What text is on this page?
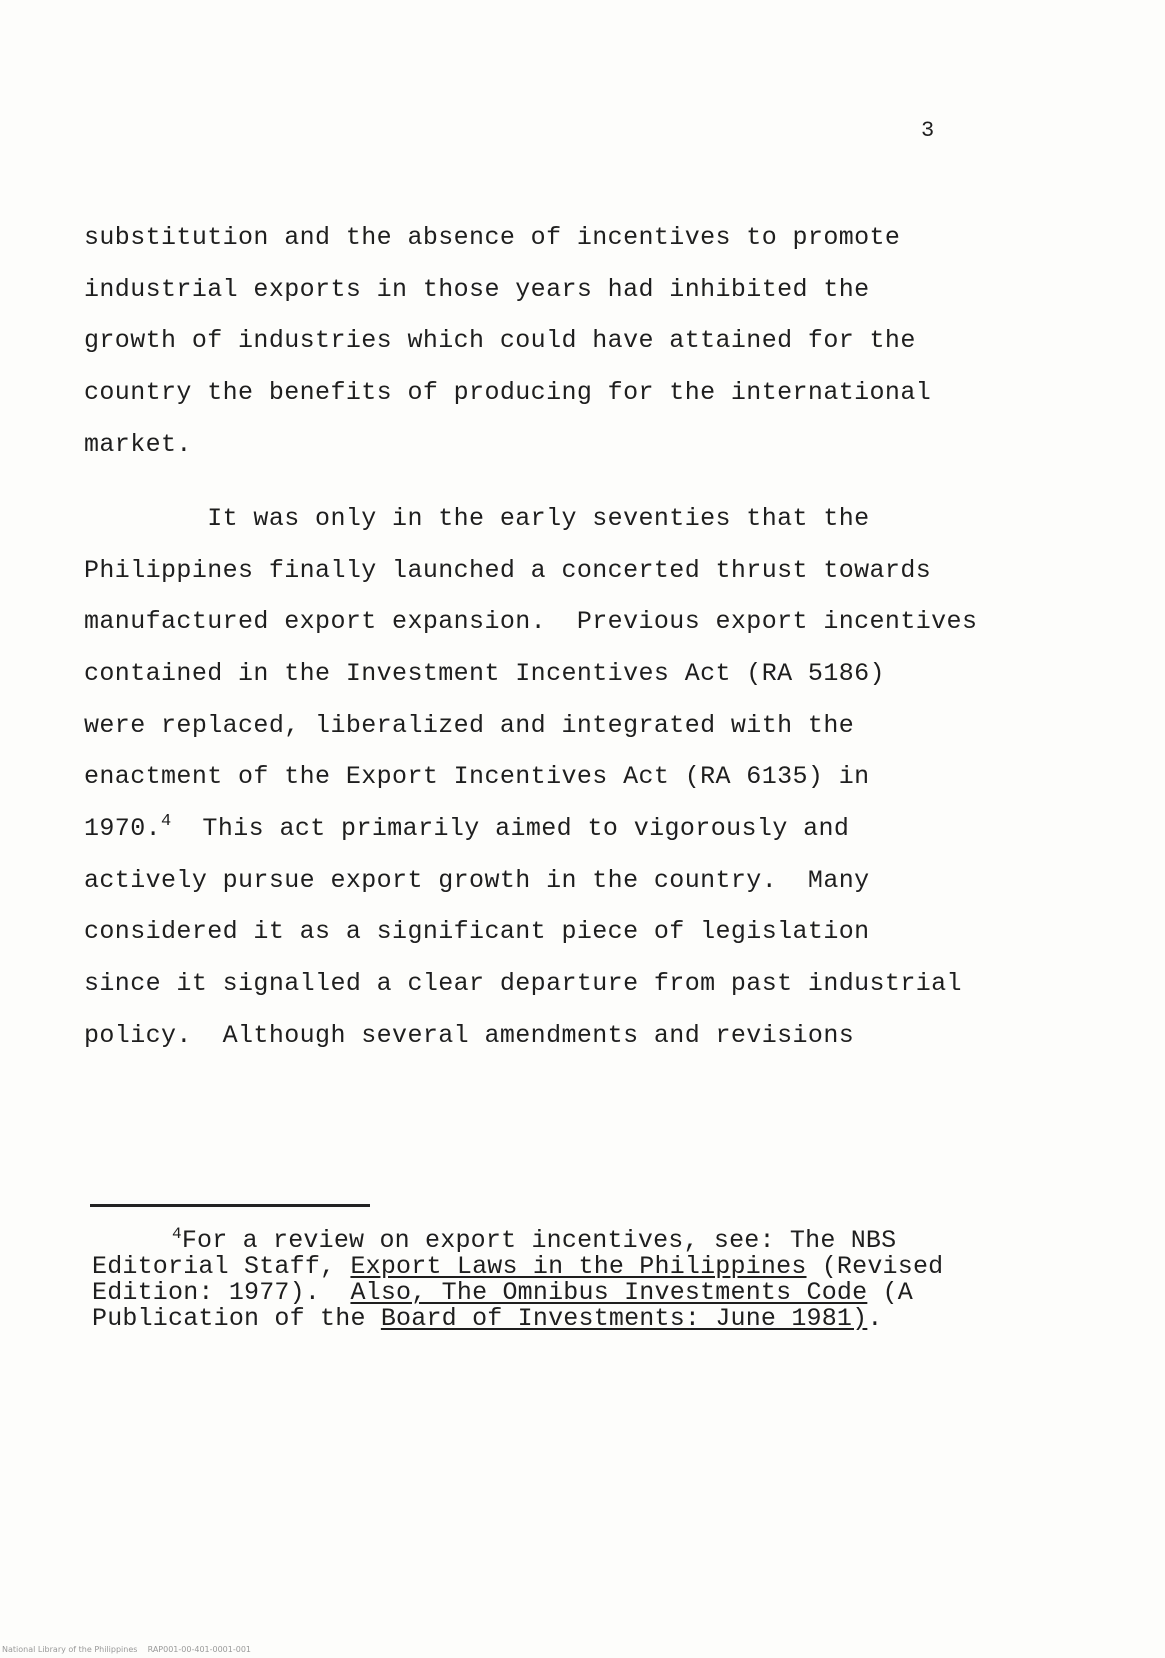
3
substitution and the absence of incentives to promote
industrial exports in those years had inhibited the
growth of industries which could have attained for the
country the benefits of producing for the international
market.
It was only in the early seventies that the
Philippines finally launched a concerted thrust towards
manufactured export expansion.  Previous export incentives
contained in the Investment Incentives Act (RA 5186)
were replaced, liberalized and integrated with the
enactment of the Export Incentives Act (RA 6135) in
1970.$^4$  This act primarily aimed to vigorously and
actively pursue export growth in the country.  Many
considered it as a significant piece of legislation
since it signalled a clear departure from past industrial
policy.  Although several amendments and revisions
$^4$For a review on export incentives, see: The NBS
Editorial Staff, Export Laws in the Philippines (Revised
Edition: 1977).  Also, The Omnibus Investments Code (A
Publication of the Board of Investments: June 1981).
National Library of the Philippines    RAP001-00-401-0001-001
